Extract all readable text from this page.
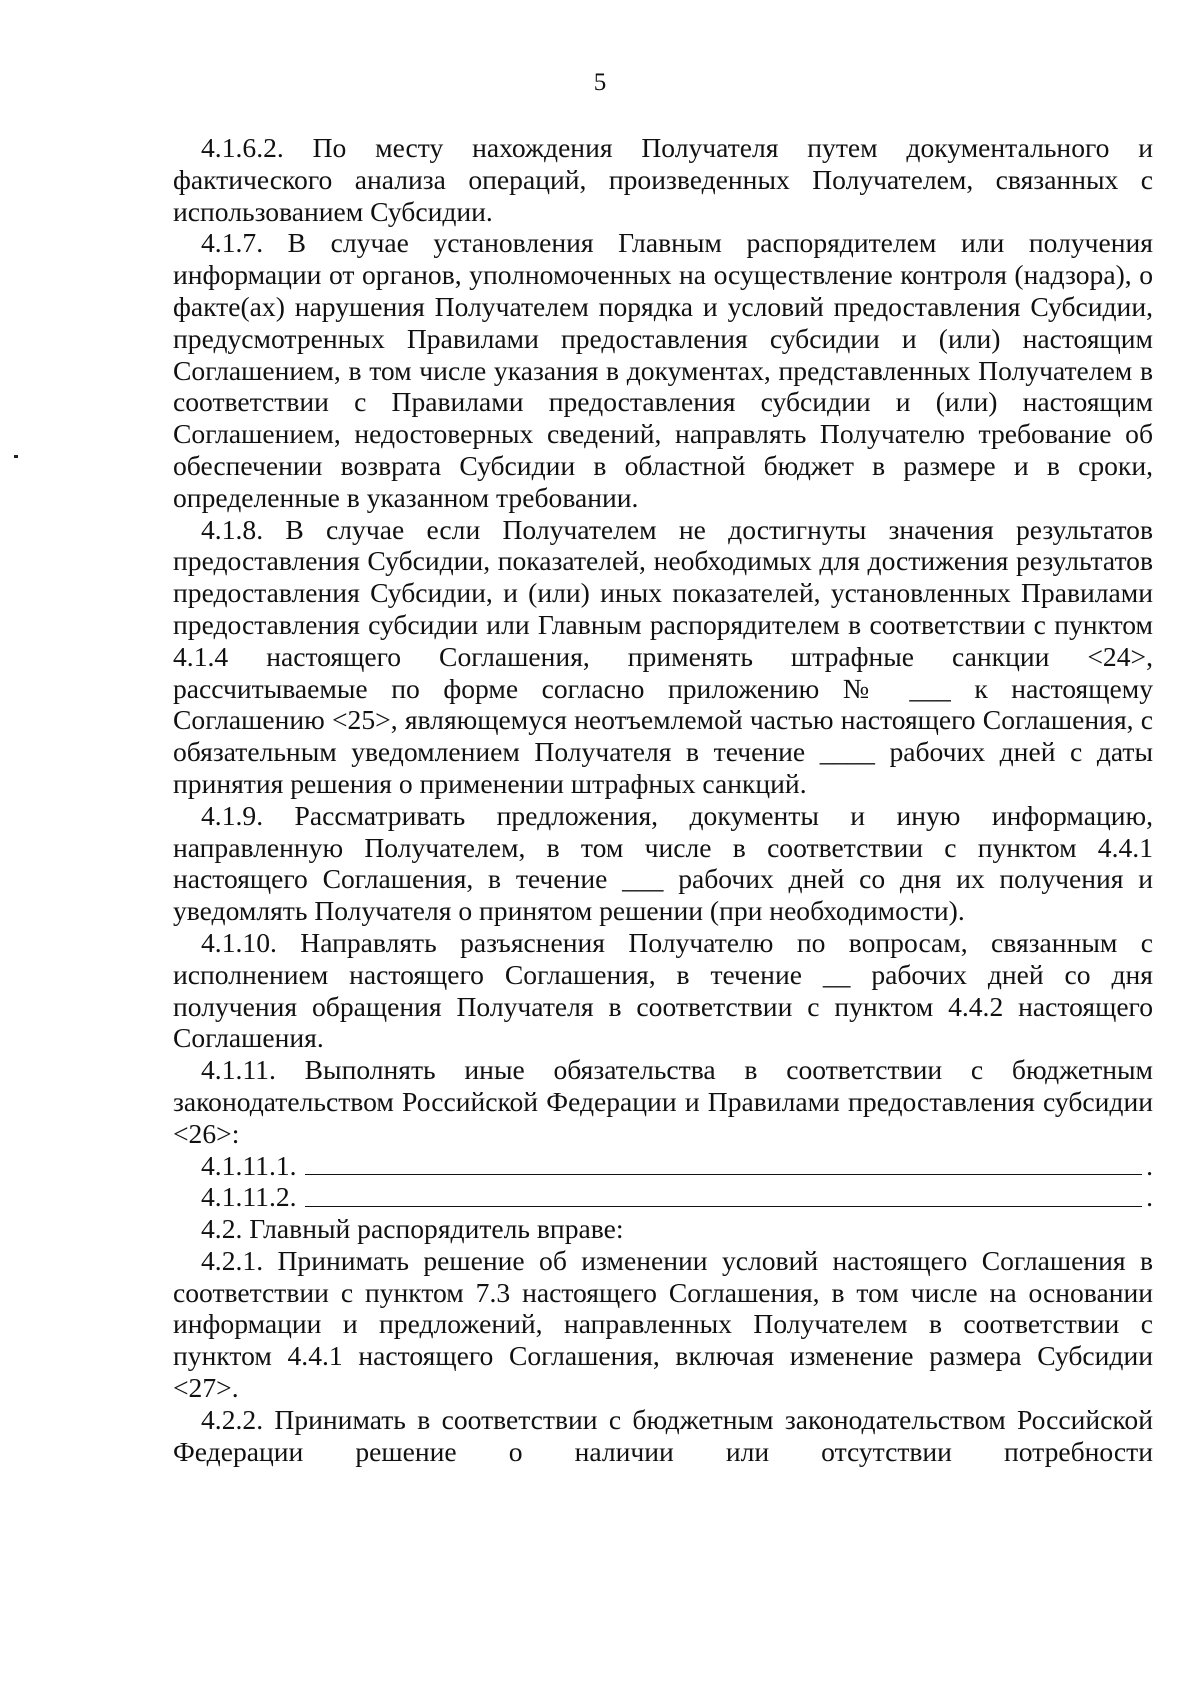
5

4.1.6.2. По месту нахождения Получателя путем документального и фактического анализа операций, произведенных Получателем, связанных с использованием Субсидии.

4.1.7. В случае установления Главным распорядителем или получения информации от органов, уполномоченных на осуществление контроля (надзора), о факте(ах) нарушения Получателем порядка и условий предоставления Субсидии, предусмотренных Правилами предоставления субсидии и (или) настоящим Соглашением, в том числе указания в документах, представленных Получателем в соответствии с Правилами предоставления субсидии и (или) настоящим Соглашением, недостоверных сведений, направлять Получателю требование об обеспечении возврата Субсидии в областной бюджет в размере и в сроки, определенные в указанном требовании.

4.1.8. В случае если Получателем не достигнуты значения результатов предоставления Субсидии, показателей, необходимых для достижения результатов предоставления Субсидии, и (или) иных показателей, установленных Правилами предоставления субсидии или Главным распорядителем в соответствии с пунктом 4.1.4 настоящего Соглашения, применять штрафные санкции <24>, рассчитываемые по форме согласно приложению № ___ к настоящему Соглашению <25>, являющемуся неотъемлемой частью настоящего Соглашения, с обязательным уведомлением Получателя в течение ____ рабочих дней с даты принятия решения о применении штрафных санкций.

4.1.9. Рассматривать предложения, документы и иную информацию, направленную Получателем, в том числе в соответствии с пунктом 4.4.1 настоящего Соглашения, в течение ___ рабочих дней со дня их получения и уведомлять Получателя о принятом решении (при необходимости).

4.1.10. Направлять разъяснения Получателю по вопросам, связанным с исполнением настоящего Соглашения, в течение __ рабочих дней со дня получения обращения Получателя в соответствии с пунктом 4.4.2 настоящего Соглашения.

4.1.11. Выполнять иные обязательства в соответствии с бюджетным законодательством Российской Федерации и Правилами предоставления субсидии <26>:

4.1.11.1.	.
4.1.11.2.	.

4.2. Главный распорядитель вправе:

4.2.1. Принимать решение об изменении условий настоящего Соглашения в соответствии с пунктом 7.3 настоящего Соглашения, в том числе на основании информации и предложений, направленных Получателем в соответствии с пунктом 4.4.1 настоящего Соглашения, включая изменение размера Субсидии <27>.

4.2.2. Принимать в соответствии с бюджетным законодательством Российской Федерации решение о наличии или отсутствии потребности
